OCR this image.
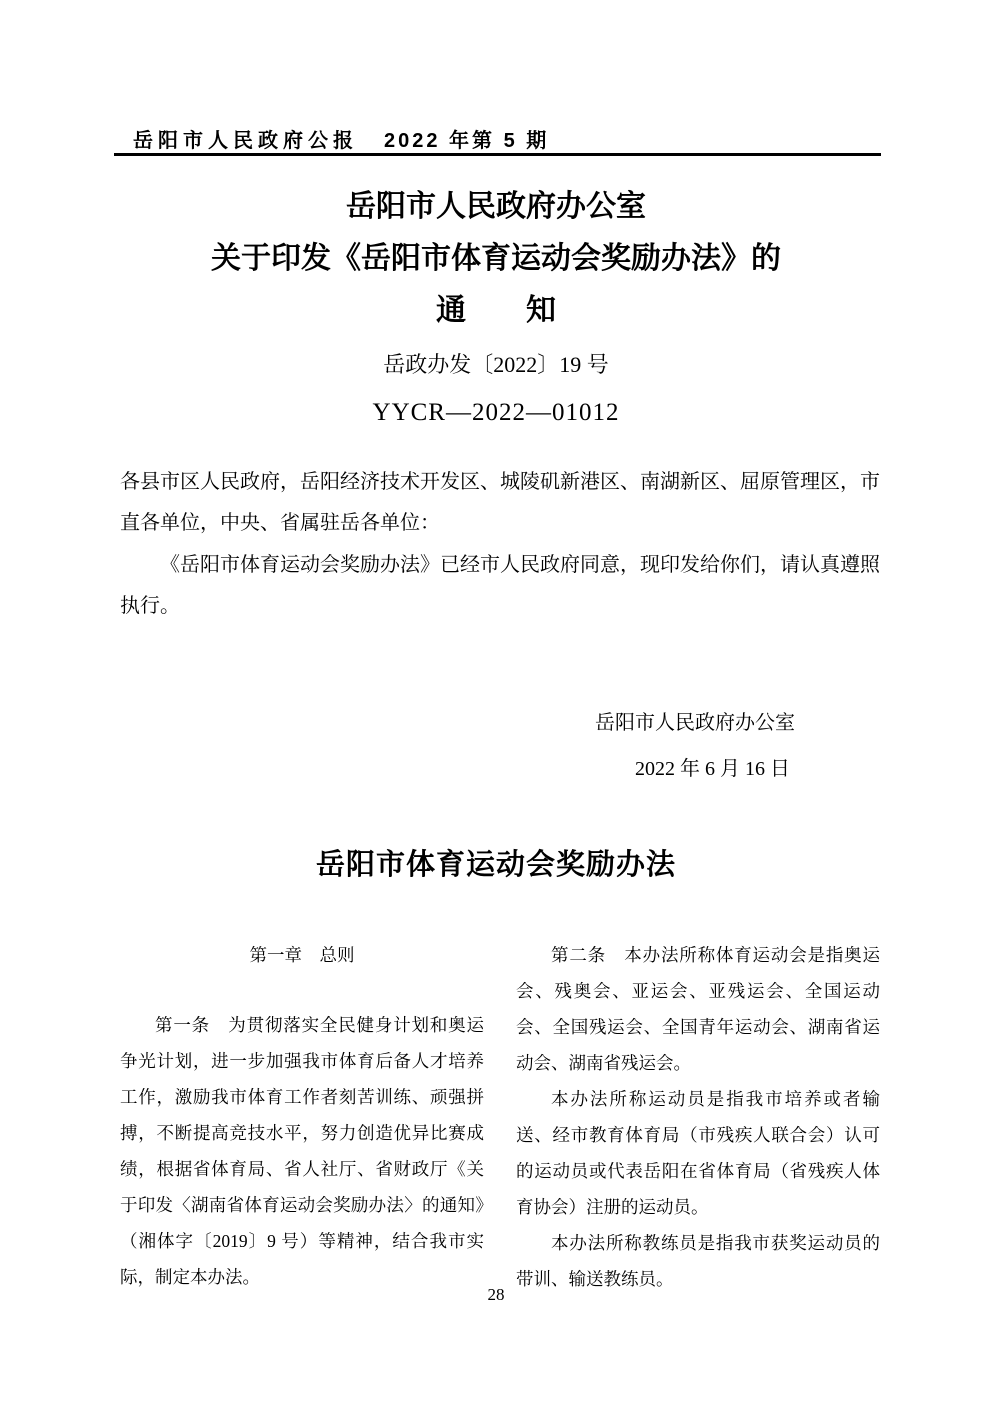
岳阳市人民政府公报 2022 年第 5 期
岳阳市人民政府办公室
关于印发《岳阳市体育运动会奖励办法》的
通　　知
岳政办发〔2022〕19 号
YYCR—2022—01012

各县市区人民政府，岳阳经济技术开发区、城陵矶新港区、南湖新区、屈原管理区，市直各单位，中央、省属驻岳各单位：

《岳阳市体育运动会奖励办法》已经市人民政府同意，现印发给你们，请认真遵照执行。

岳阳市人民政府办公室
2022 年 6 月 16 日
岳阳市体育运动会奖励办法
第一章　总则

第一条　为贯彻落实全民健身计划和奥运争光计划，进一步加强我市体育后备人才培养工作，激励我市体育工作者刻苦训练、顽强拼搏，不断提高竞技水平，努力创造优异比赛成绩，根据省体育局、省人社厅、省财政厅《关于印发〈湖南省体育运动会奖励办法〉的通知》（湘体字〔2019〕9 号）等精神，结合我市实际，制定本办法。

第二条　本办法所称体育运动会是指奥运会、残奥会、亚运会、亚残运会、全国运动会、全国残运会、全国青年运动会、湖南省运动会、湖南省残运会。

本办法所称运动员是指我市培养或者输送、经市教育体育局（市残疾人联合会）认可的运动员或代表岳阳在省体育局（省残疾人体育协会）注册的运动员。

本办法所称教练员是指我市获奖运动员的带训、输送教练员。

28
